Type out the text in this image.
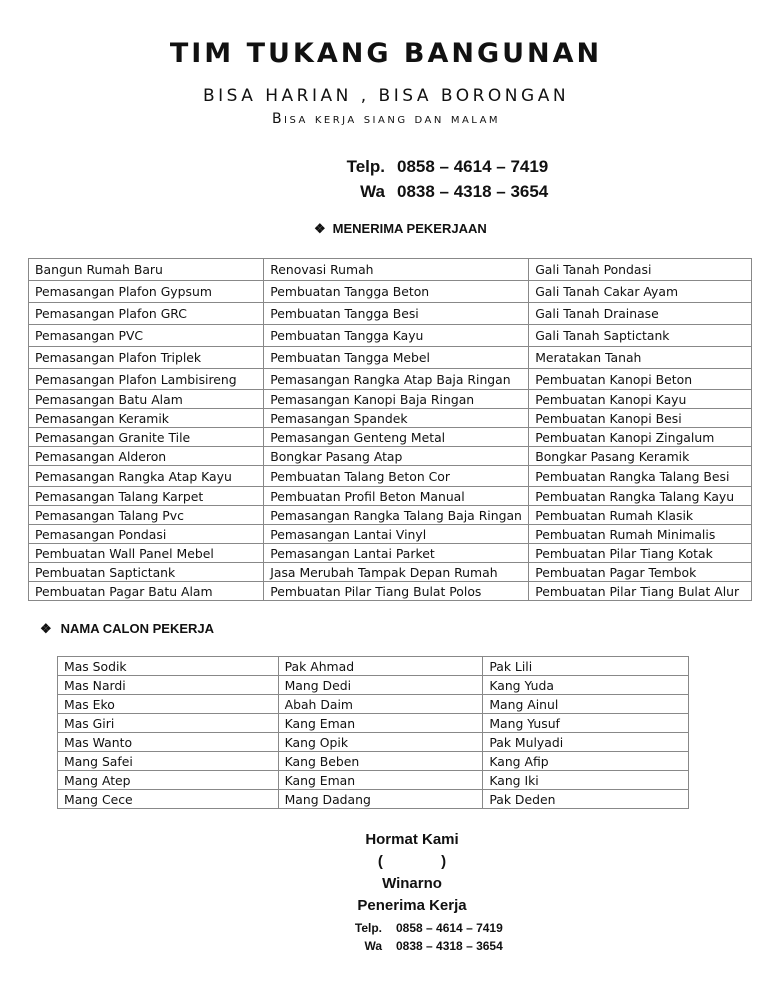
TIM TUKANG BANGUNAN
BISA HARIAN , BISA BORONGAN
Bisa kerja siang dan malam
Telp. 0858 – 4614 – 7419
Wa 0838 – 4318 – 3654
❖ MENERIMA PEKERJAAN
Bangun Rumah Baru	Renovasi Rumah	Gali Tanah Pondasi
Pemasangan Plafon Gypsum	Pembuatan Tangga Beton	Gali Tanah Cakar Ayam
Pemasangan Plafon GRC	Pembuatan Tangga Besi	Gali Tanah Drainase
Pemasangan PVC	Pembuatan Tangga Kayu	Gali Tanah Saptictank
Pemasangan Plafon Triplek	Pembuatan Tangga Mebel	Meratakan Tanah
Pemasangan Plafon Lambisireng	Pemasangan Rangka Atap Baja Ringan	Pembuatan Kanopi Beton
Pemasangan Batu Alam	Pemasangan Kanopi Baja Ringan	Pembuatan Kanopi Kayu
Pemasangan Keramik	Pemasangan Spandek	Pembuatan Kanopi Besi
Pemasangan Granite Tile	Pemasangan Genteng Metal	Pembuatan Kanopi Zingalum
Pemasangan Alderon	Bongkar Pasang Atap	Bongkar Pasang Keramik
Pemasangan Rangka Atap Kayu	Pembuatan Talang Beton Cor	Pembuatan Rangka Talang Besi
Pemasangan Talang Karpet	Pembuatan Profil Beton Manual	Pembuatan Rangka Talang Kayu
Pemasangan Talang Pvc	Pemasangan Rangka Talang Baja Ringan	Pembuatan Rumah Klasik
Pemasangan Pondasi	Pemasangan Lantai Vinyl	Pembuatan Rumah Minimalis
Pembuatan Wall Panel Mebel	Pemasangan Lantai Parket	Pembuatan Pilar Tiang Kotak
Pembuatan Saptictank	Jasa Merubah Tampak Depan Rumah	Pembuatan Pagar Tembok
Pembuatan Pagar Batu Alam	Pembuatan Pilar Tiang Bulat Polos	Pembuatan Pilar Tiang Bulat Alur
❖ NAMA CALON PEKERJA
Mas Sodik	Pak Ahmad	Pak Lili
Mas Nardi	Mang Dedi	Kang Yuda
Mas Eko	Abah Daim	Mang Ainul
Mas Giri	Kang Eman	Mang Yusuf
Mas Wanto	Kang Opik	Pak Mulyadi
Mang Safei	Kang Beben	Kang Afip
Mang Atep	Kang Eman	Kang Iki
Mang Cece	Mang Dadang	Pak Deden
Hormat Kami
(              )
Winarno
Penerima Kerja
Telp. 0858 – 4614 – 7419
Wa 0838 – 4318 – 3654
